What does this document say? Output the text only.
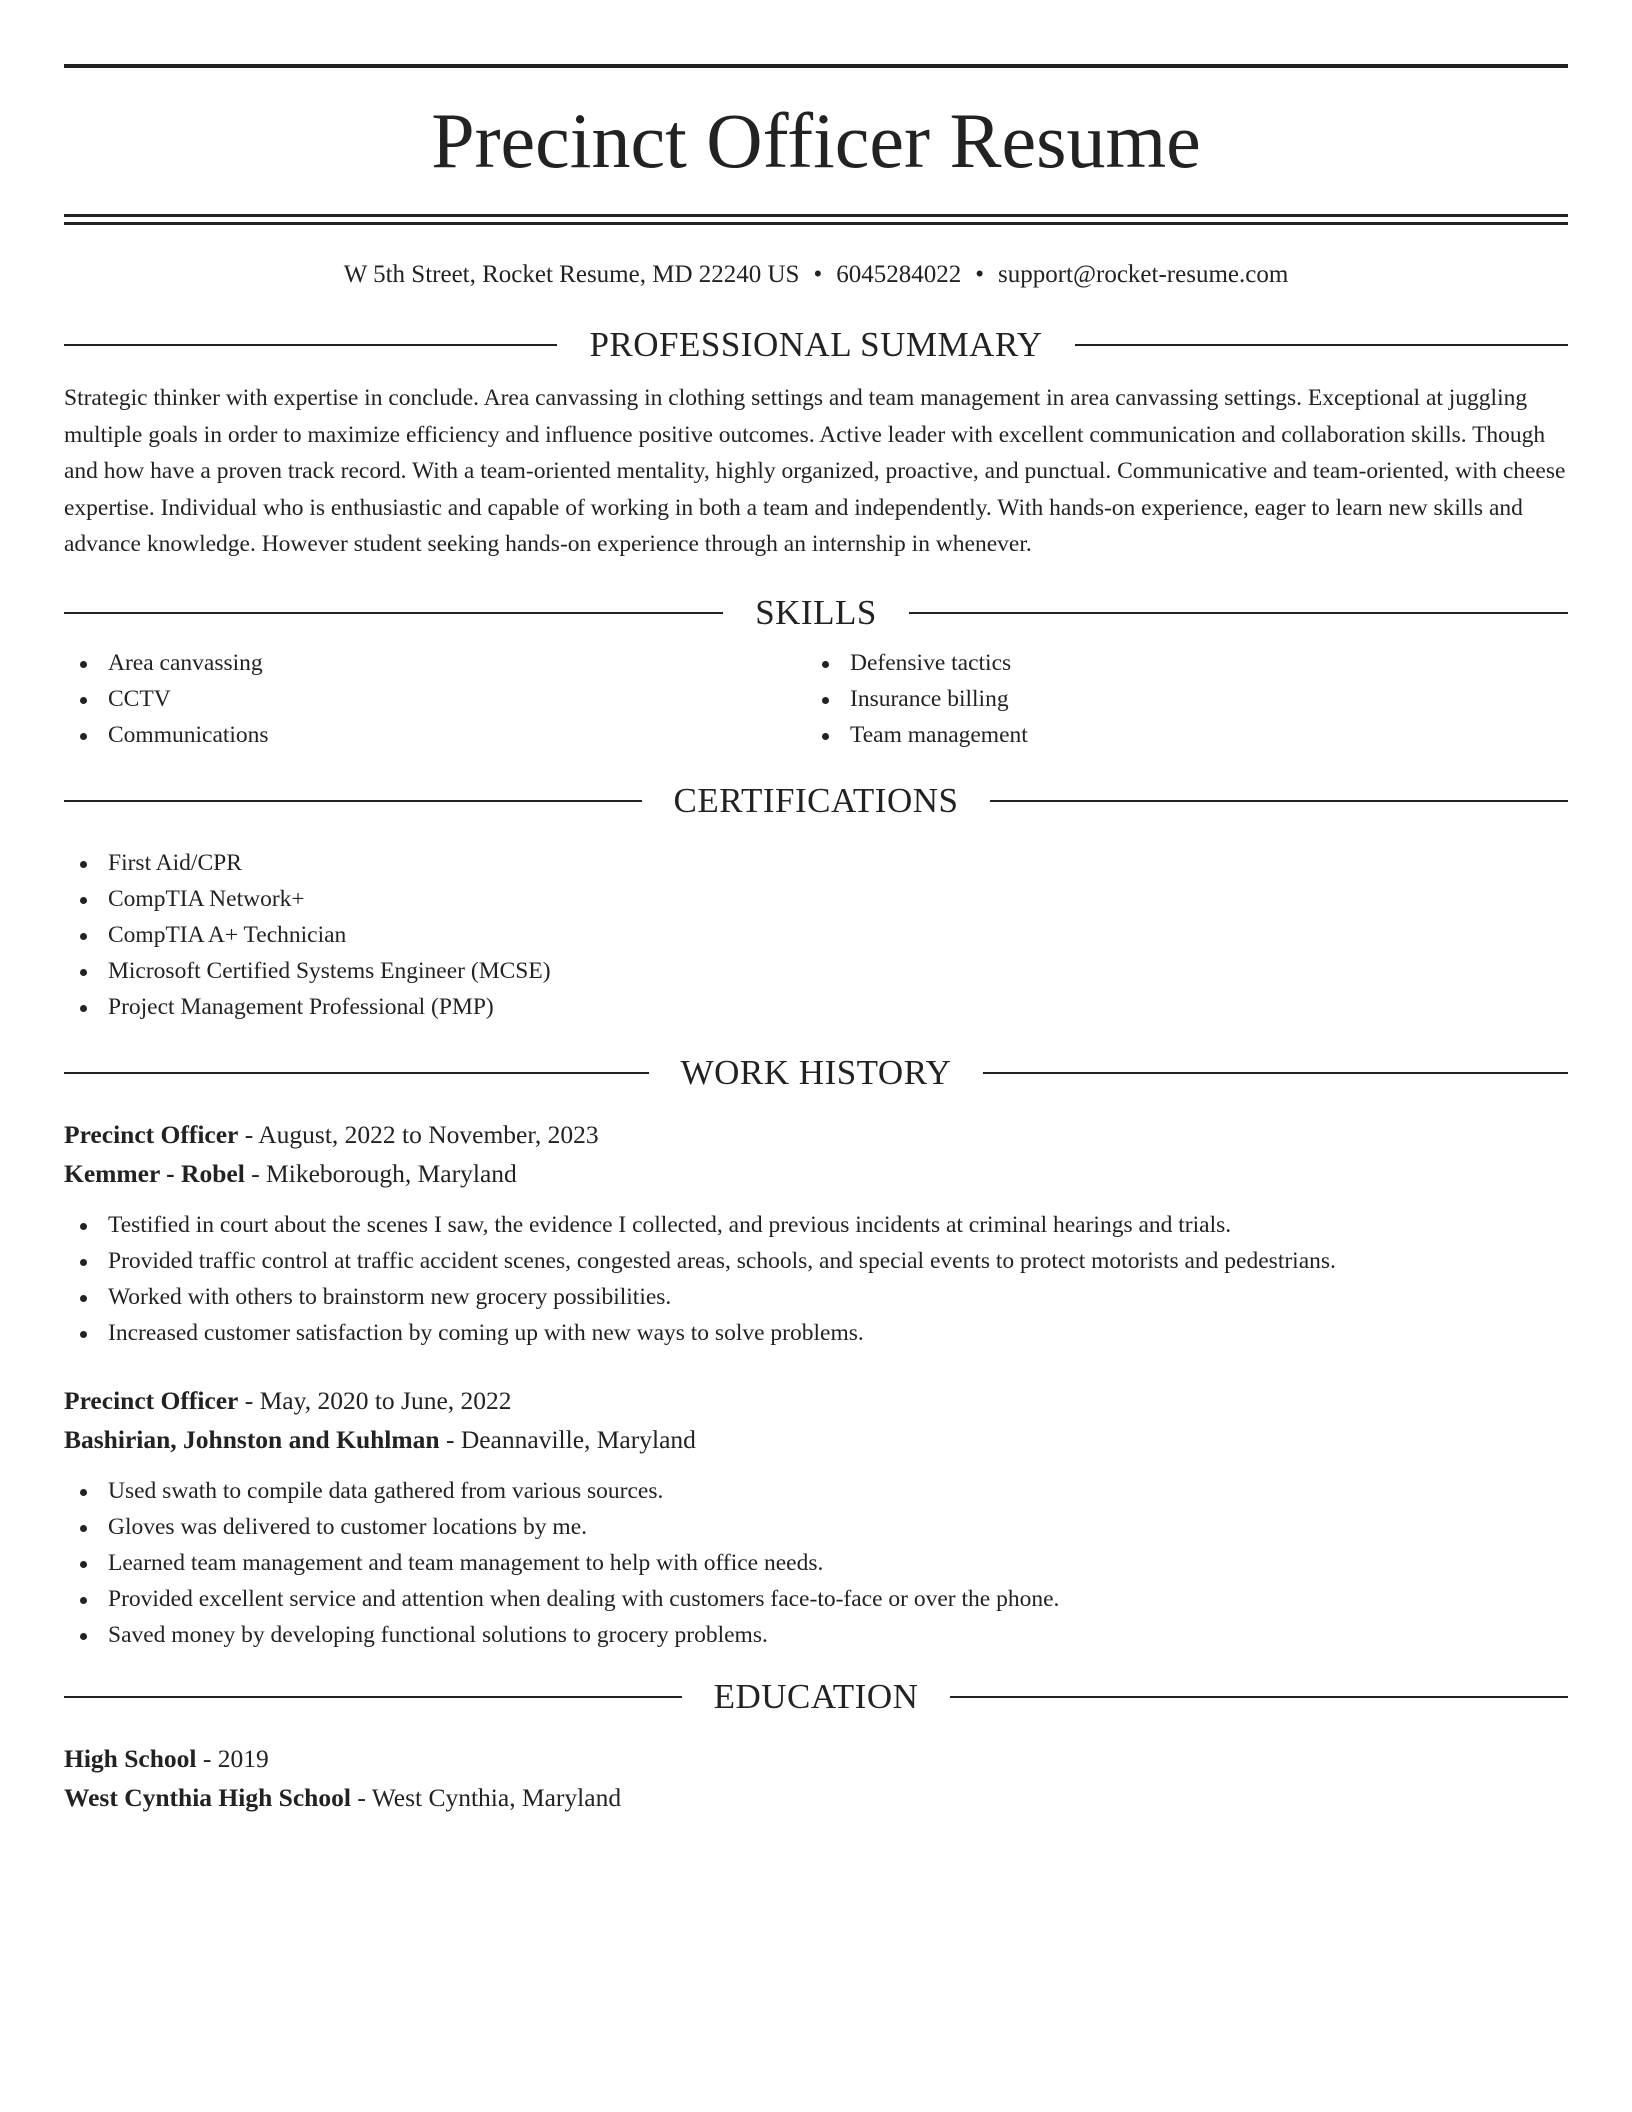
Precinct Officer Resume
W 5th Street, Rocket Resume, MD 22240 US • 6045284022 • support@rocket-resume.com
PROFESSIONAL SUMMARY

Strategic thinker with expertise in conclude. Area canvassing in clothing settings and team management in area canvassing settings. Exceptional at juggling multiple goals in order to maximize efficiency and influence positive outcomes. Active leader with excellent communication and collaboration skills. Though and how have a proven track record. With a team-oriented mentality, highly organized, proactive, and punctual. Communicative and team-oriented, with cheese expertise. Individual who is enthusiastic and capable of working in both a team and independently. With hands-on experience, eager to learn new skills and advance knowledge. However student seeking hands-on experience through an internship in whenever.

SKILLS
Area canvassing
CCTV
Communications
Defensive tactics
Insurance billing
Team management
CERTIFICATIONS
First Aid/CPR
CompTIA Network+
CompTIA A+ Technician
Microsoft Certified Systems Engineer (MCSE)
Project Management Professional (PMP)
WORK HISTORY
Precinct Officer - August, 2022 to November, 2023
Kemmer - Robel - Mikeborough, Maryland
Testified in court about the scenes I saw, the evidence I collected, and previous incidents at criminal hearings and trials.
Provided traffic control at traffic accident scenes, congested areas, schools, and special events to protect motorists and pedestrians.
Worked with others to brainstorm new grocery possibilities.
Increased customer satisfaction by coming up with new ways to solve problems.
Precinct Officer - May, 2020 to June, 2022
Bashirian, Johnston and Kuhlman - Deannaville, Maryland
Used swath to compile data gathered from various sources.
Gloves was delivered to customer locations by me.
Learned team management and team management to help with office needs.
Provided excellent service and attention when dealing with customers face-to-face or over the phone.
Saved money by developing functional solutions to grocery problems.
EDUCATION
High School - 2019
West Cynthia High School - West Cynthia, Maryland
